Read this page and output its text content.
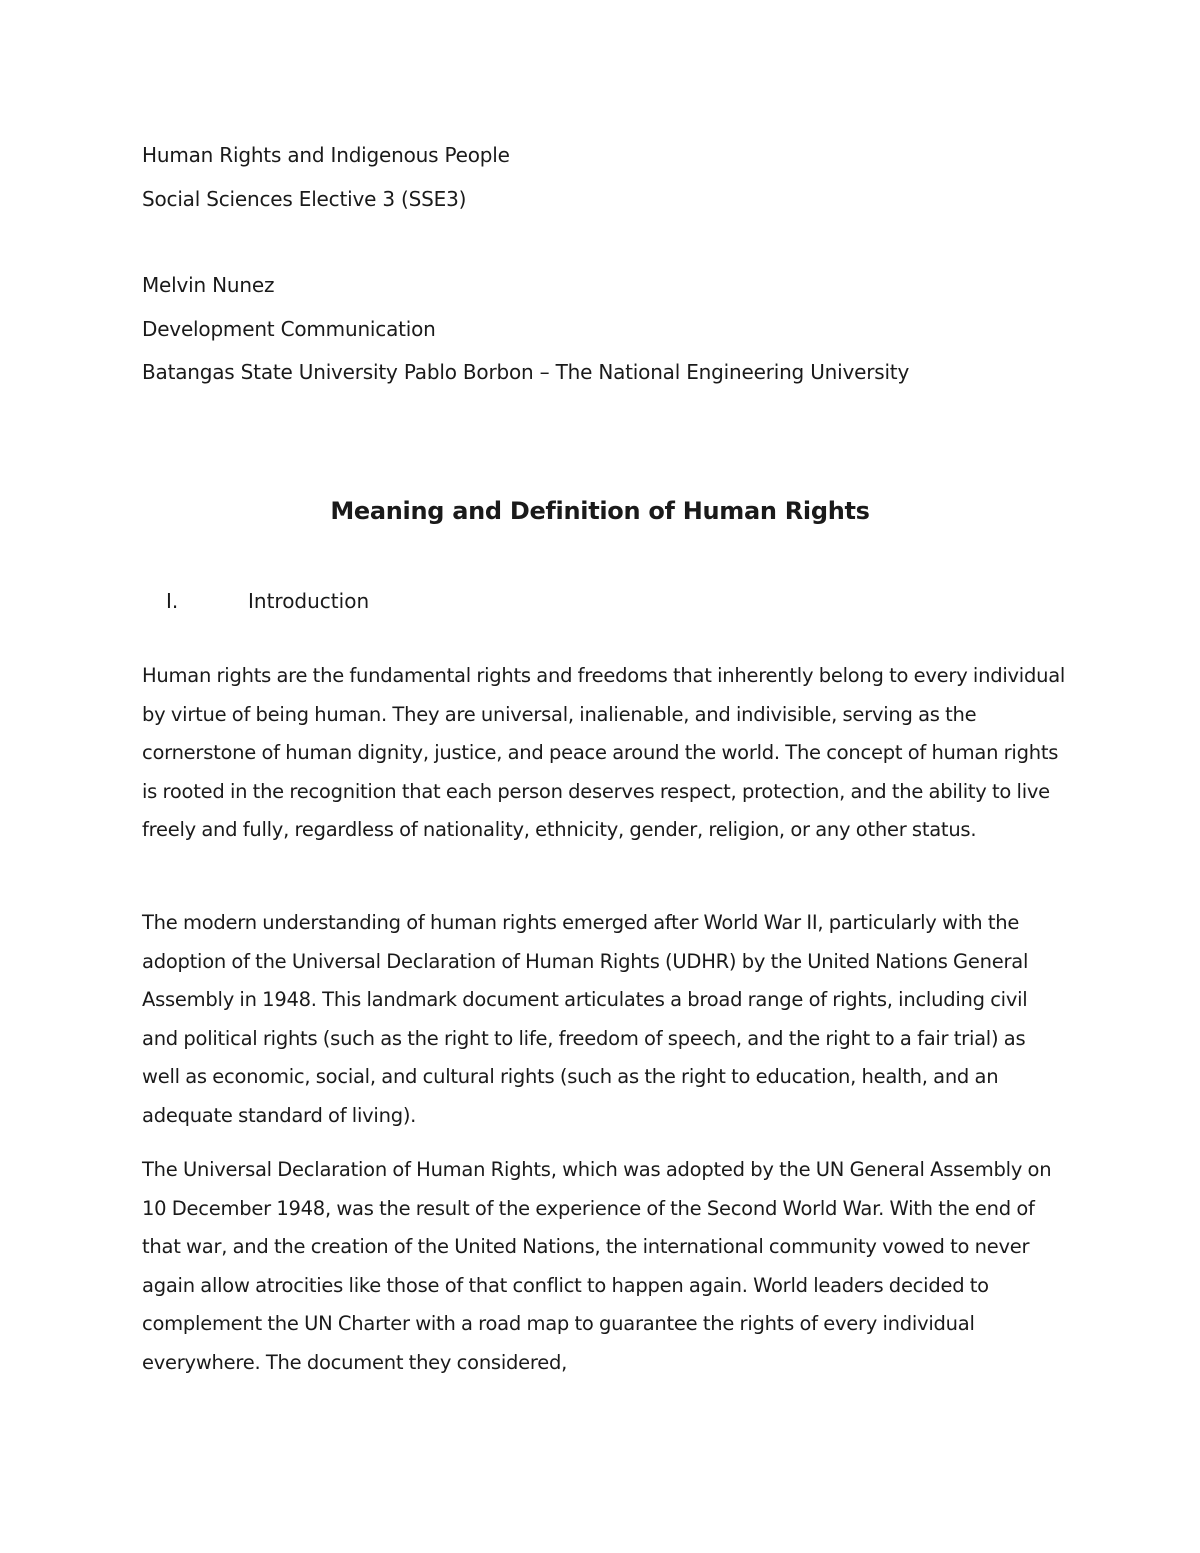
Human Rights and Indigenous People
Social Sciences Elective 3 (SSE3)
Melvin Nunez
Development Communication
Batangas State University Pablo Borbon – The National Engineering University
Meaning and Definition of Human Rights
I.	Introduction

Human rights are the fundamental rights and freedoms that inherently belong to every individual by virtue of being human. They are universal, inalienable, and indivisible, serving as the cornerstone of human dignity, justice, and peace around the world. The concept of human rights is rooted in the recognition that each person deserves respect, protection, and the ability to live freely and fully, regardless of nationality, ethnicity, gender, religion, or any other status.

The modern understanding of human rights emerged after World War II, particularly with the adoption of the Universal Declaration of Human Rights (UDHR) by the United Nations General Assembly in 1948. This landmark document articulates a broad range of rights, including civil and political rights (such as the right to life, freedom of speech, and the right to a fair trial) as well as economic, social, and cultural rights (such as the right to education, health, and an adequate standard of living).

The Universal Declaration of Human Rights, which was adopted by the UN General Assembly on 10 December 1948, was the result of the experience of the Second World War. With the end of that war, and the creation of the United Nations, the international community vowed to never again allow atrocities like those of that conflict to happen again. World leaders decided to complement the UN Charter with a road map to guarantee the rights of every individual everywhere. The document they considered,
